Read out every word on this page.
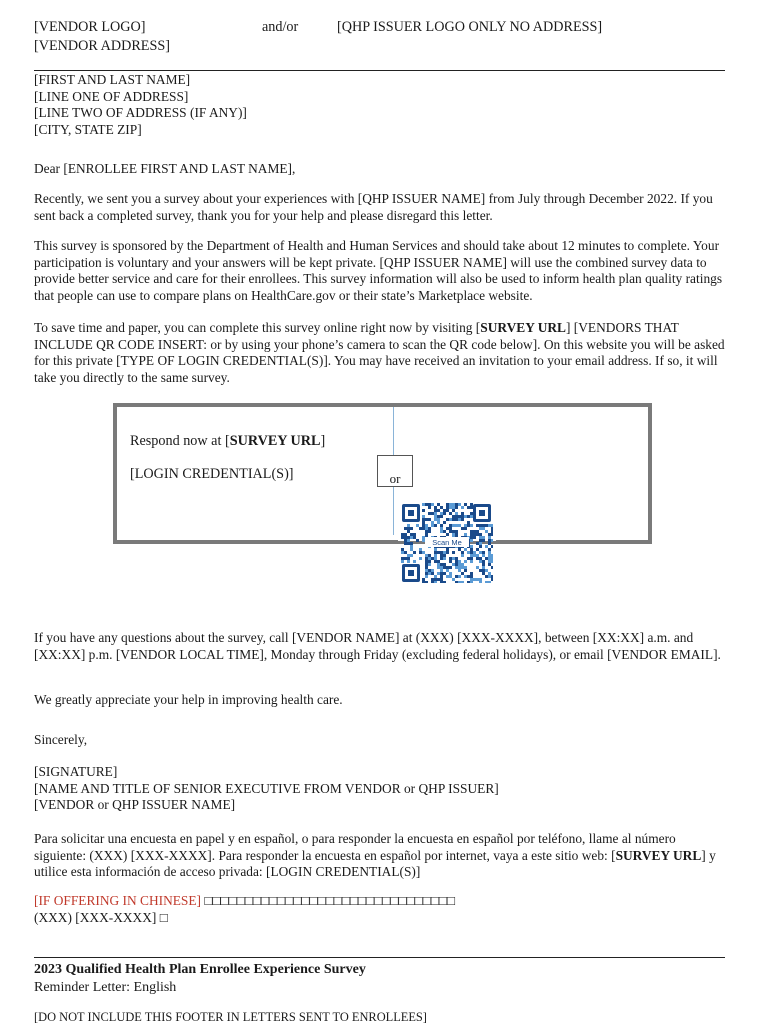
[VENDOR LOGO]
[VENDOR ADDRESS]
and/or	[QHP ISSUER LOGO ONLY NO ADDRESS]
[FIRST AND LAST NAME]
[LINE ONE OF ADDRESS]
[LINE TWO OF ADDRESS (IF ANY)]
[CITY, STATE ZIP]

Dear [ENROLLEE FIRST AND LAST NAME],

Recently, we sent you a survey about your experiences with [QHP ISSUER NAME] from July through December 2022. If you sent back a completed survey, thank you for your help and please disregard this letter.

This survey is sponsored by the Department of Health and Human Services and should take about 12 minutes to complete. Your participation is voluntary and your answers will be kept private. [QHP ISSUER NAME] will use the combined survey data to provide better service and care for their enrollees. This survey information will also be used to inform health plan quality ratings that people can use to compare plans on HealthCare.gov or their state’s Marketplace website.

To save time and paper, you can complete this survey online right now by visiting [SURVEY URL] [VENDORS THAT INCLUDE QR CODE INSERT: or by using your phone’s camera to scan the QR code below]. On this website you will be asked for this private [TYPE OF LOGIN CREDENTIAL(S)]. You may have received an invitation to your email address. If so, it will take you directly to the same survey.

Respond now at [SURVEY URL]
[LOGIN CREDENTIAL(S)]	or
Scan Me

If you have any questions about the survey, call [VENDOR NAME] at (XXX) [XXX-XXXX], between [XX:XX] a.m. and [XX:XX] p.m. [VENDOR LOCAL TIME], Monday through Friday (excluding federal holidays), or email [VENDOR EMAIL].

We greatly appreciate your help in improving health care.

Sincerely,

[SIGNATURE]
[NAME AND TITLE OF SENIOR EXECUTIVE FROM VENDOR or QHP ISSUER]
[VENDOR or QHP ISSUER NAME]

Para solicitar una encuesta en papel y en español, o para responder la encuesta en español por teléfono, llame al número siguiente: (XXX) [XXX-XXXX]. Para responder la encuesta en español por internet, vaya a este sitio web: [SURVEY URL] y utilice esta información de acceso privada: [LOGIN CREDENTIAL(S)]

[IF OFFERING IN CHINESE] □□□□□□□□□□□□□□□□□□□□□□□□□□□□□□□
(XXX) [XXX-XXXX] □
2023 Qualified Health Plan Enrollee Experience Survey
Reminder Letter: English
[DO NOT INCLUDE THIS FOOTER IN LETTERS SENT TO ENROLLEES]
